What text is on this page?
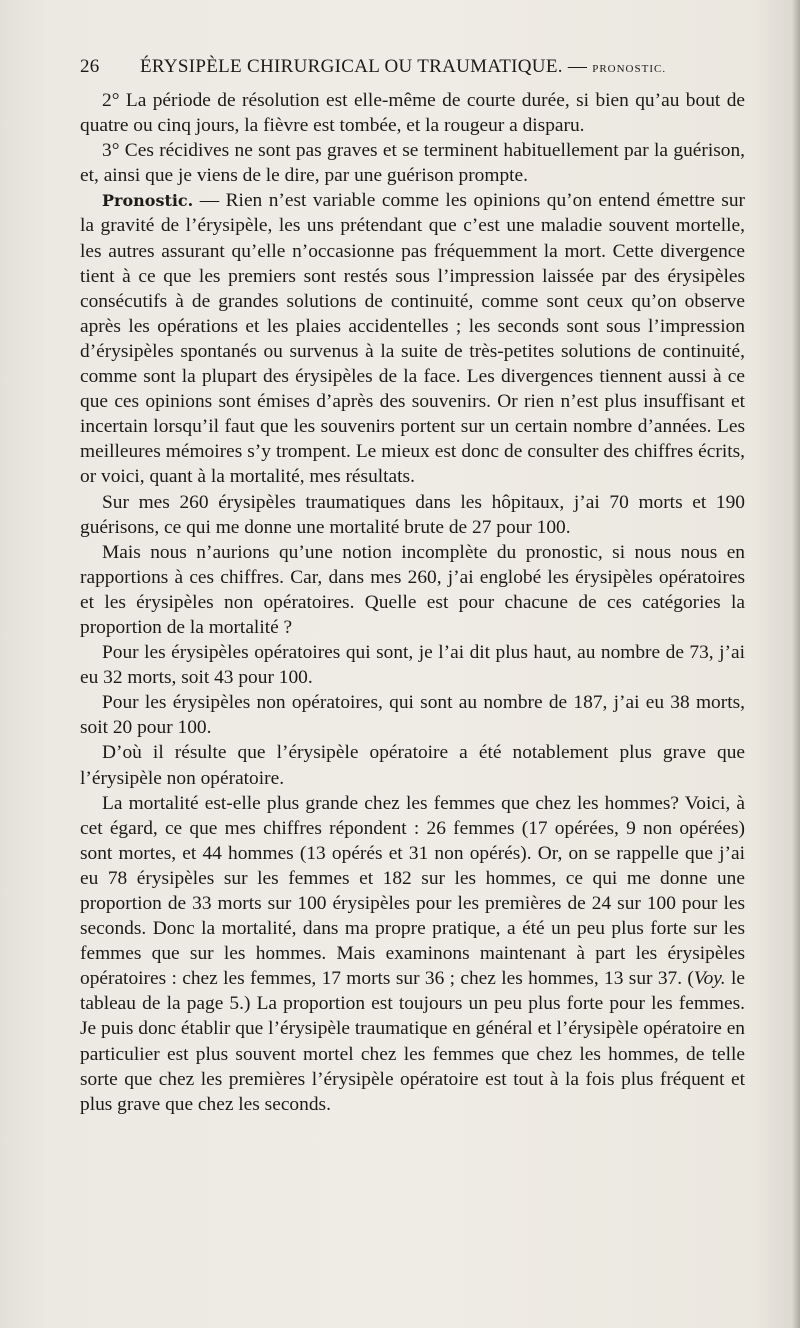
26 ÉRYSIPÈLE CHIRURGICAL OU TRAUMATIQUE. — PRONOSTIC.

2° La période de résolution est elle-même de courte durée, si bien qu’au bout de quatre ou cinq jours, la fièvre est tombée, et la rougeur a disparu.

3° Ces récidives ne sont pas graves et se terminent habituellement par la guérison, et, ainsi que je viens de le dire, par une guérison prompte.

Pronostic. — Rien n’est variable comme les opinions qu’on entend émettre sur la gravité de l’érysipèle, les uns prétendant que c’est une maladie souvent mortelle, les autres assurant qu’elle n’occasionne pas fréquemment la mort. Cette divergence tient à ce que les premiers sont restés sous l’impression laissée par des érysipèles consécutifs à de grandes solutions de continuité, comme sont ceux qu’on observe après les opérations et les plaies accidentelles ; les seconds sont sous l’impression d’érysipèles spontanés ou survenus à la suite de très-petites solutions de continuité, comme sont la plupart des érysipèles de la face. Les divergences tiennent aussi à ce que ces opinions sont émises d’après des souvenirs. Or rien n’est plus insuffisant et incertain lorsqu’il faut que les souvenirs portent sur un certain nombre d’années. Les meilleures mémoires s’y trompent. Le mieux est donc de consulter des chiffres écrits, or voici, quant à la mortalité, mes résultats.

Sur mes 260 érysipèles traumatiques dans les hôpitaux, j’ai 70 morts et 190 guérisons, ce qui me donne une mortalité brute de 27 pour 100.

Mais nous n’aurions qu’une notion incomplète du pronostic, si nous nous en rapportions à ces chiffres. Car, dans mes 260, j’ai englobé les érysipèles opératoires et les érysipèles non opératoires. Quelle est pour chacune de ces catégories la proportion de la mortalité ?

Pour les érysipèles opératoires qui sont, je l’ai dit plus haut, au nombre de 73, j’ai eu 32 morts, soit 43 pour 100.

Pour les érysipèles non opératoires, qui sont au nombre de 187, j’ai eu 38 morts, soit 20 pour 100.

D’où il résulte que l’érysipèle opératoire a été notablement plus grave que l’érysipèle non opératoire.

La mortalité est-elle plus grande chez les femmes que chez les hommes? Voici, à cet égard, ce que mes chiffres répondent : 26 femmes (17 opérées, 9 non opérées) sont mortes, et 44 hommes (13 opérés et 31 non opérés). Or, on se rappelle que j’ai eu 78 érysipèles sur les femmes et 182 sur les hommes, ce qui me donne une proportion de 33 morts sur 100 érysipèles pour les premières de 24 sur 100 pour les seconds. Donc la mortalité, dans ma propre pratique, a été un peu plus forte sur les femmes que sur les hommes. Mais examinons maintenant à part les érysipèles opératoires : chez les femmes, 17 morts sur 36 ; chez les hommes, 13 sur 37. (Voy. le tableau de la page 5.) La proportion est toujours un peu plus forte pour les femmes. Je puis donc établir que l’érysipèle traumatique en général et l’érysipèle opératoire en particulier est plus souvent mortel chez les femmes que chez les hommes, de telle sorte que chez les premières l’érysipèle opératoire est tout à la fois plus fréquent et plus grave que chez les seconds.
